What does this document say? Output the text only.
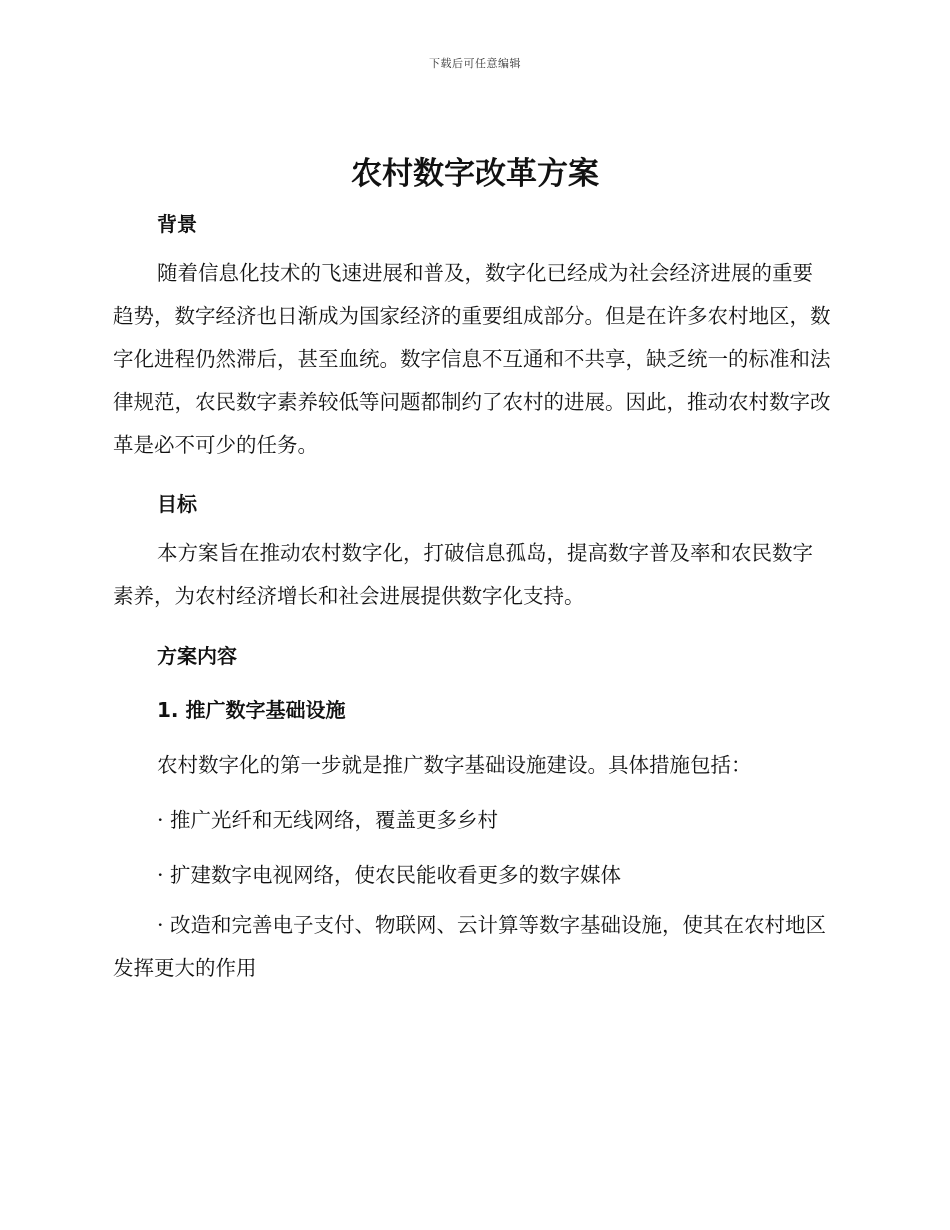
下载后可任意编辑
农村数字改革方案
背景
随着信息化技术的飞速进展和普及，数字化已经成为社会经济进展的重要趋势，数字经济也日渐成为国家经济的重要组成部分。但是在许多农村地区，数字化进程仍然滞后，甚至血统。数字信息不互通和不共享，缺乏统一的标准和法律规范，农民数字素养较低等问题都制约了农村的进展。因此，推动农村数字改革是必不可少的任务。
目标
本方案旨在推动农村数字化，打破信息孤岛，提高数字普及率和农民数字素养，为农村经济增长和社会进展提供数字化支持。
方案内容
1. 推广数字基础设施
农村数字化的第一步就是推广数字基础设施建设。具体措施包括：
· 推广光纤和无线网络，覆盖更多乡村
· 扩建数字电视网络，使农民能收看更多的数字媒体
· 改造和完善电子支付、物联网、云计算等数字基础设施，使其在农村地区发挥更大的作用
